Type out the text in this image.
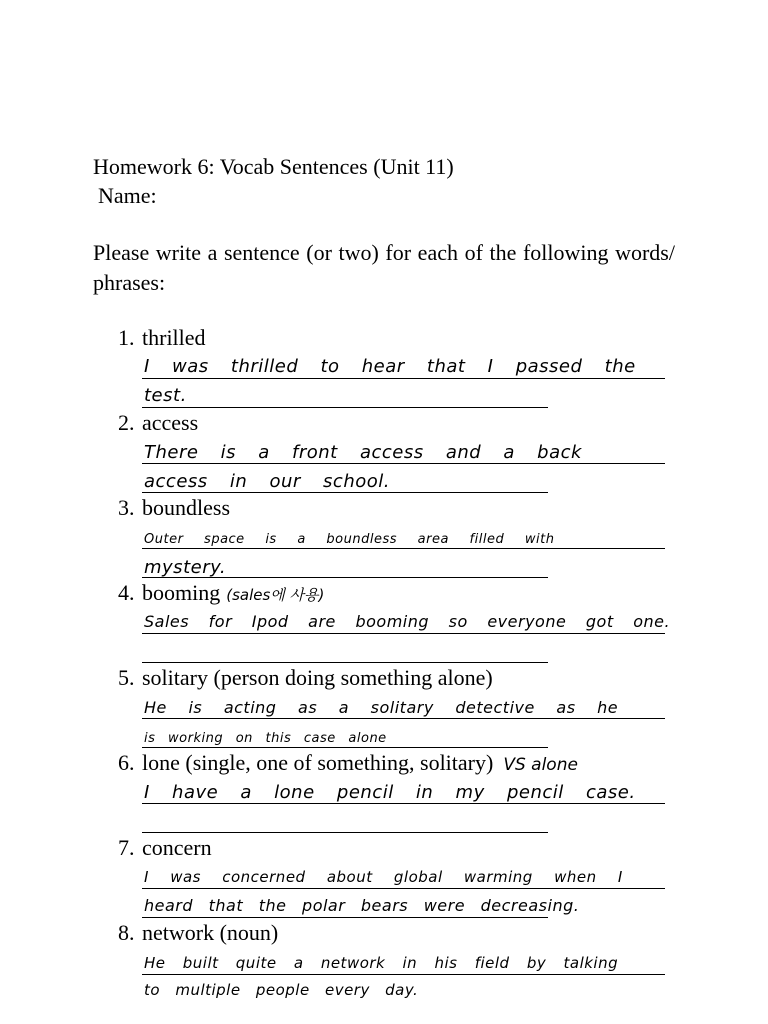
Homework 6: Vocab Sentences (Unit 11)
Name:
Please write a sentence (or two) for each of the following words/ phrases:
1. thrilled
I was thrilled to hear that I passed the
test.
2. access
There is a front access and a back
access in our school.
3. boundless
Outer space is a boundless area filled with
mystery.
4. booming (sales에 사용)
Sales for Ipod are booming so everyone got one.
5. solitary (person doing something alone)
He is acting as a solitary detective as he
is working on this case alone
6. lone (single, one of something, solitary) VS alone
I have a lone pencil in my pencil case.
7. concern
I was concerned about global warming when I
heard that the polar bears were decreasing.
8. network (noun)
He built quite a network in his field by talking
to multiple people every day.
